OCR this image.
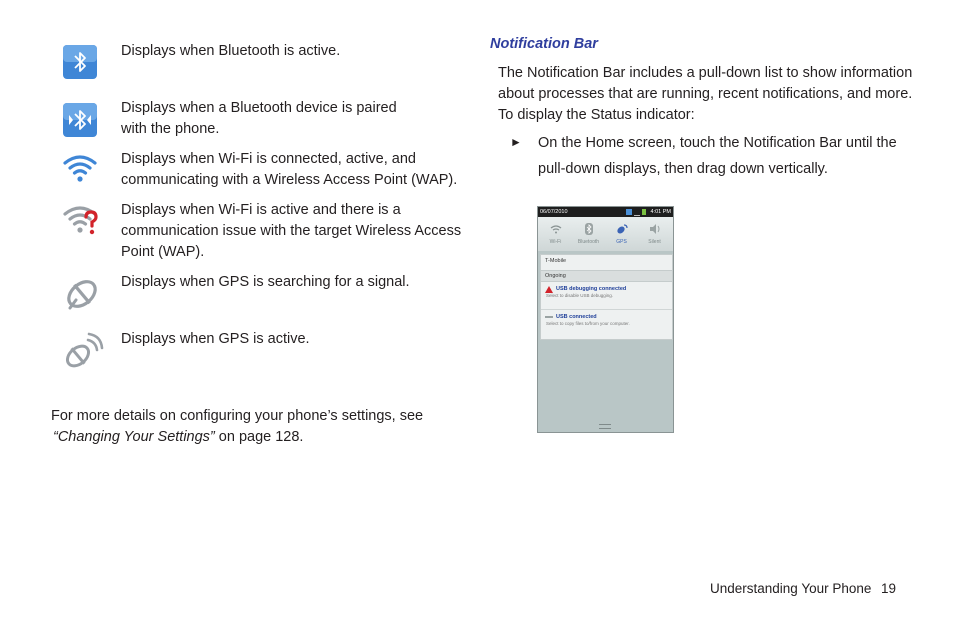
Displays when Bluetooth is active.
Displays when a Bluetooth device is paired
with the phone.
Displays when Wi-Fi is connected, active, and
communicating with a Wireless Access Point (WAP).
Displays when Wi-Fi is active and there is a
communication issue with the target Wireless Access
Point (WAP).
Displays when GPS is searching for a signal.
Displays when GPS is active.
For more details on configuring your phone’s settings, see
“Changing Your Settings” on page 128.
Notification Bar
The Notification Bar includes a pull-down list to show information
about processes that are running, recent notifications, and more.
To display the Status indicator:
► On the Home screen, touch the Notification Bar until the
pull-down displays, then drag down vertically.
06/07/2010	4:01 PM
Wi-Fi	Bluetooth	GPS	Silent
T-Mobile
Ongoing
USB debugging connected
Select to disable USB debugging.
USB connected
Select to copy files to/from your computer.
Understanding Your Phone 19
